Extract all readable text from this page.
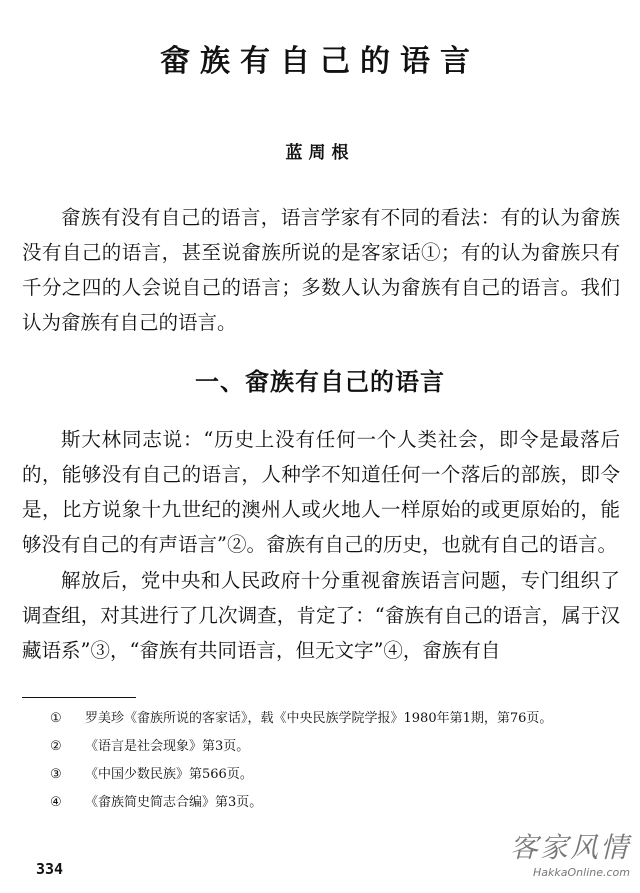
畲族有自己的语言
蓝周根

畲族有没有自己的语言，语言学家有不同的看法：有的认为畲族没有自己的语言，甚至说畲族所说的是客家话①；有的认为畲族只有千分之四的人会说自己的语言；多数人认为畲族有自己的语言。我们认为畲族有自己的语言。

一、畲族有自己的语言

斯大林同志说：“历史上没有任何一个人类社会，即令是最落后的，能够没有自己的语言，人种学不知道任何一个落后的部族，即令是，比方说象十九世纪的澳州人或火地人一样原始的或更原始的，能够没有自己的有声语言”②。畲族有自己的历史，也就有自己的语言。

解放后，党中央和人民政府十分重视畲族语言问题，专门组织了调查组，对其进行了几次调查，肯定了：“畲族有自己的语言，属于汉藏语系”③，“畲族有共同语言，但无文字”④，畲族有自

① 罗美珍《畲族所说的客家话》，载《中央民族学院学报》1980年第1期，第76页。
② 《语言是社会现象》第3页。
③ 《中国少数民族》第566页。
④ 《畲族简史简志合编》第3页。
334
客家风情
HakkaOnline.com
